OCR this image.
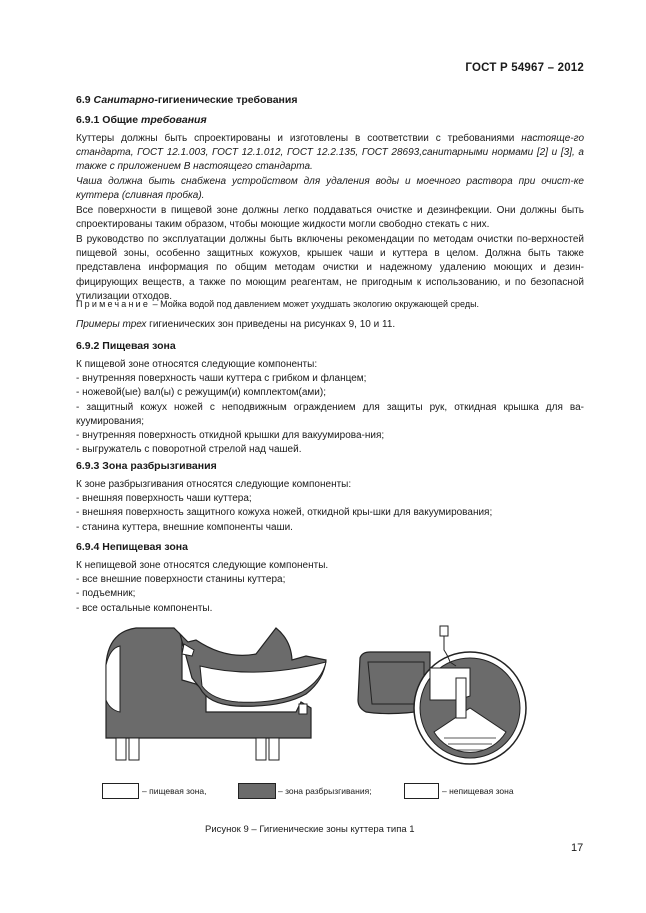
ГОСТ Р 54967 – 2012
6.9 Санитарно-гигиенические требования
6.9.1 Общие требования
Куттеры должны быть спроектированы и изготовлены в соответствии с требованиями настояще-го стандарта, ГОСТ 12.1.003, ГОСТ 12.1.012, ГОСТ 12.2.135, ГОСТ 28693,санитарными нормами [2] и [3], а также с приложением В настоящего стандарта.
Чаша должна быть снабжена устройством для удаления воды и моечного раствора при очист-ке куттера (сливная пробка).
Все поверхности в пищевой зоне должны легко поддаваться очистке и дезинфекции. Они должны быть спроектированы таким образом, чтобы моющие жидкости могли свободно стекать с них.
В руководство по эксплуатации должны быть включены рекомендации по методам очистки по-верхностей пищевой зоны, особенно защитных кожухов, крышек чаши и куттера в целом. Должна быть также представлена информация по общим методам очистки и надежному удалению моющих и дезин-фицирующих веществ, а также по моющим реагентам, не пригодным к использованию, и по безопасной утилизации отходов.
Примечание – Мойка водой под давлением может ухудшать экологию окружающей среды.
Примеры трех гигиенических зон приведены на рисунках 9, 10 и 11.
6.9.2 Пищевая зона
К пищевой зоне относятся следующие компоненты:
- внутренняя поверхность чаши куттера с грибком и фланцем;
- ножевой(ые) вал(ы) с режущим(и) комплектом(ами);
- защитный кожух ножей с неподвижным ограждением для защиты рук, откидная крышка для ва-куумирования;
- внутренняя поверхность откидной крышки для вакуумирова-ния;
- выгружатель с поворотной стрелой над чашей.
6.9.3 Зона разбрызгивания
К зоне разбрызгивания относятся следующие компоненты:
- внешняя поверхность чаши куттера;
- внешняя поверхность защитного кожуха ножей, откидной кры-шки для вакуумирования;
- станина куттера, внешние компоненты чаши.
6.9.4 Непищевая зона
К непищевой зоне относятся следующие компоненты.
- все внешние поверхности станины куттера;
- подъемник;
- все остальные компоненты.
– пищевая зона,	– зона разбрызгивания;	– непищевая зона
Рисунок 9 – Гигиенические зоны куттера типа 1
17
